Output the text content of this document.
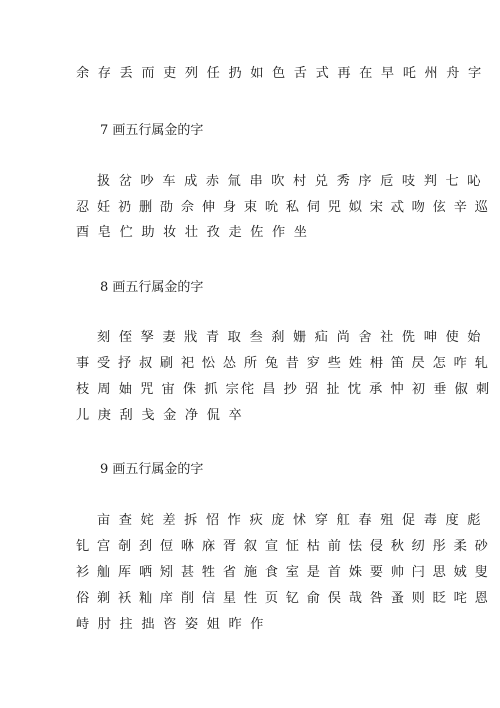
余 存 丢 而 吏 列 任 扔 如 色 舌 式 再 在 早 吒 州 舟 字
7 画五行属金的字
扱 岔 吵 车 成 赤 氚 串 吹 村 兑 秀 序 卮 吱 判 七 吣
忍 妊 礽 删 劭 佘 伸 身 束 吮 私 伺 兕 姒 宋 忒 吻 伭 辛 巡
酉 皂 伫 助 妆 壮 孜 走 佐 作 坐
8 画五行属金的字
刻 侄 孥 妻 戕 青 取 叁 刹 姗 疝 尚 舍 社 侁 呻 使 始
事 受 抒 叔 刷 祀 忪 怂 所 兔 昔 穸 些 姓 枏 笛 昃 怎 咋 轧
枝 周 妯 咒 宙 侏 抓 宗侘 昌 抄 弨 扯 忱 承 忡 初 垂 俶 刺
儿 庚 刮 戋 金 净 侃 卒
9 画五行属金的字
亩 查 姹 差 拆 怊 怍 疢 庞 怵 穿 舡 春 殂 促 毒 度 彪
钆 宫 剞 刭 侸 咻 庥 胥 叙 宣 怔 枯 前 怯 侵 秋 纫 彤 柔 砂
衫 舢 厍 哂 矧 甚 牲 省 施 食 室 是 首 姝 要 帅 闩 思 娀 叟
俗 剃 袄 籼 庠 削 信 星 性 页 钇 俞 俣 哉 咎 蚤 则 眨 咤 恩
峙 肘 拄 拙 咨 姿 姐 昨 作
